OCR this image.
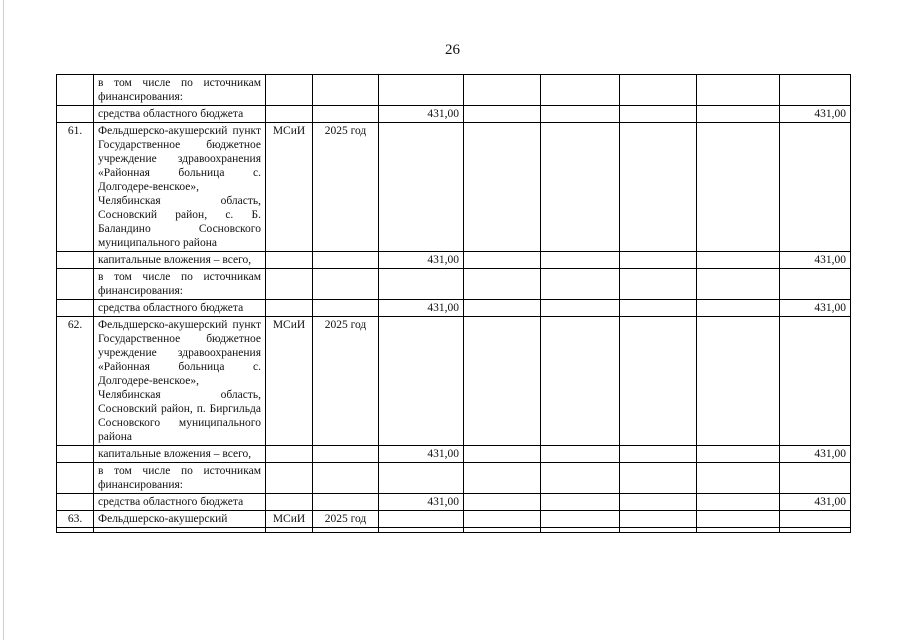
26
	в том числе по источникам финансирования:								
	средства областного бюджета			431,00					431,00
61.	Фельдшерско-акушерский пункт Государственное бюджетное учреждение здравоохранения «Районная больница с. Долгодере-венское», Челябинская область, Сосновский район, с. Б. Баландино Сосновского муниципального района	МСиИ	2025 год						
	капитальные вложения – всего,			431,00					431,00
	в том числе по источникам финансирования:								
	средства областного бюджета			431,00					431,00
62.	Фельдшерско-акушерский пункт Государственное бюджетное учреждение здравоохранения «Районная больница с. Долгодере-венское», Челябинская область, Сосновский район, п. Биргильда Сосновского муниципального района	МСиИ	2025 год						
	капитальные вложения – всего,			431,00					431,00
	в том числе по источникам финансирования:								
	средства областного бюджета			431,00					431,00
63.	Фельдшерско-акушерский	МСиИ	2025 год						
